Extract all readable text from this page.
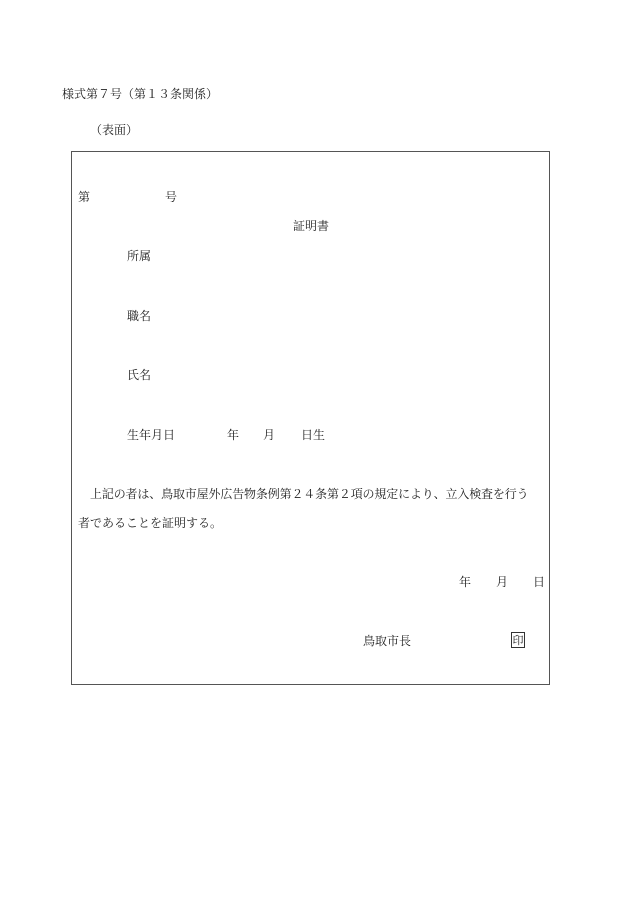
様式第７号（第１３条関係）
（表面）
第	号
証明書
所属
職名
氏名
生年月日	年 月 日生
上記の者は、鳥取市屋外広告物条例第２４条第２項の規定により、立入検査を行う
者であることを証明する。
年 月 日
鳥取市長	印
